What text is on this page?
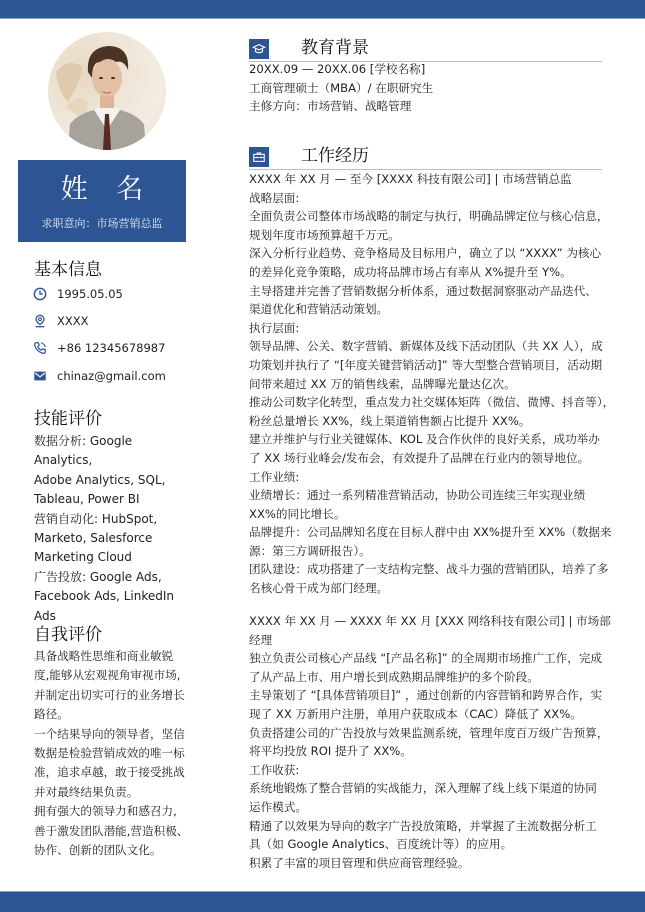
姓 名
求职意向：市场营销总监
基本信息
1995.05.05
XXXX
+86 12345678987
chinaz@gmail.com
技能评价

数据分析: Google Analytics,

Adobe Analytics, SQL,

Tableau, Power BI

营销自动化: HubSpot,

Marketo, Salesforce

Marketing Cloud

广告投放: Google Ads,

Facebook Ads, LinkedIn

Ads

自我评价

具备战略性思维和商业敏锐

度,能够从宏观视角审视市场,

并制定出切实可行的业务增长

路径。

一个结果导向的领导者，坚信

数据是检验营销成效的唯一标

准，追求卓越，敢于接受挑战

并对最终结果负责。

拥有强大的领导力和感召力,

善于激发团队潜能,营造积极、

协作、创新的团队文化。

教育背景

20XX.09 — 20XX.06 [学校名称]

工商管理硕士（MBA）/ 在职研究生

主修方向：市场营销、战略管理

工作经历

XXXX 年 XX 月 — 至今 [XXXX 科技有限公司] | 市场营销总监

战略层面:

全面负责公司整体市场战略的制定与执行，明确品牌定位与核心信息，

规划年度市场预算超千万元。

深入分析行业趋势、竞争格局及目标用户，确立了以 “XXXX” 为核心

的差异化竞争策略，成功将品牌市场占有率从 X%提升至 Y%。

主导搭建并完善了营销数据分析体系，通过数据洞察驱动产品迭代、

渠道优化和营销活动策划。

执行层面:

领导品牌、公关、数字营销、新媒体及线下活动团队（共 XX 人），成

功策划并执行了 “[年度关键营销活动]” 等大型整合营销项目，活动期

间带来超过 XX 万的销售线索，品牌曝光量达亿次。

推动公司数字化转型，重点发力社交媒体矩阵（微信、微博、抖音等），

粉丝总量增长 XX%，线上渠道销售额占比提升 XX%。

建立并维护与行业关键媒体、KOL 及合作伙伴的良好关系，成功举办

了 XX 场行业峰会/发布会，有效提升了品牌在行业内的领导地位。

工作业绩:

业绩增长：通过一系列精准营销活动，协助公司连续三年实现业绩

XX%的同比增长。

品牌提升：公司品牌知名度在目标人群中由 XX%提升至 XX%（数据来

源：第三方调研报告）。

团队建设：成功搭建了一支结构完整、战斗力强的营销团队，培养了多

名核心骨干成为部门经理。

XXXX 年 XX 月 — XXXX 年 XX 月 [XXX 网络科技有限公司] | 市场部

经理

独立负责公司核心产品线 “[产品名称]” 的全周期市场推广工作，完成

了从产品上市、用户增长到成熟期品牌维护的多个阶段。

主导策划了 “[具体营销项目]” ，通过创新的内容营销和跨界合作，实

现了 XX 万新用户注册，单用户获取成本（CAC）降低了 XX%。

负责搭建公司的广告投放与效果监测系统，管理年度百万级广告预算，

将平均投放 ROI 提升了 XX%。

工作收获:

系统地锻炼了整合营销的实战能力，深入理解了线上线下渠道的协同

运作模式。

精通了以效果为导向的数字广告投放策略，并掌握了主流数据分析工

具（如 Google Analytics、百度统计等）的应用。

积累了丰富的项目管理和供应商管理经验。
